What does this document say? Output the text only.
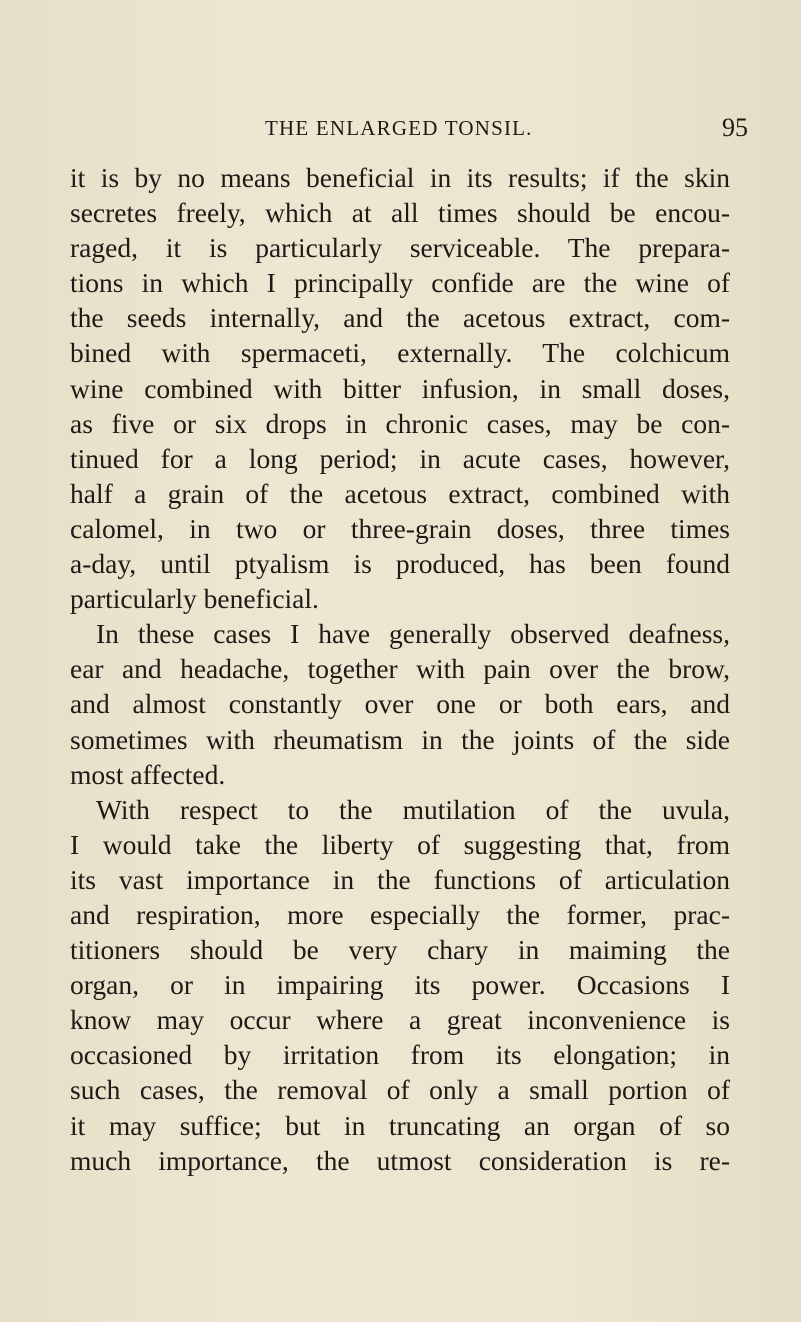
THE ENLARGED TONSIL.	95
it is by no means beneficial in its results; if the skin
secretes freely, which at all times should be encou-
raged, it is particularly serviceable. The prepara-
tions in which I principally confide are the wine of
the seeds internally, and the acetous extract, com-
bined with spermaceti, externally. The colchicum
wine combined with bitter infusion, in small doses,
as five or six drops in chronic cases, may be con-
tinued for a long period; in acute cases, however,
half a grain of the acetous extract, combined with
calomel, in two or three-grain doses, three times
a-day, until ptyalism is produced, has been found
particularly beneficial.
In these cases I have generally observed deafness,
ear and headache, together with pain over the brow,
and almost constantly over one or both ears, and
sometimes with rheumatism in the joints of the side
most affected.
With respect to the mutilation of the uvula,
I would take the liberty of suggesting that, from
its vast importance in the functions of articulation
and respiration, more especially the former, prac-
titioners should be very chary in maiming the
organ, or in impairing its power. Occasions I
know may occur where a great inconvenience is
occasioned by irritation from its elongation; in
such cases, the removal of only a small portion of
it may suffice; but in truncating an organ of so
much importance, the utmost consideration is re-
